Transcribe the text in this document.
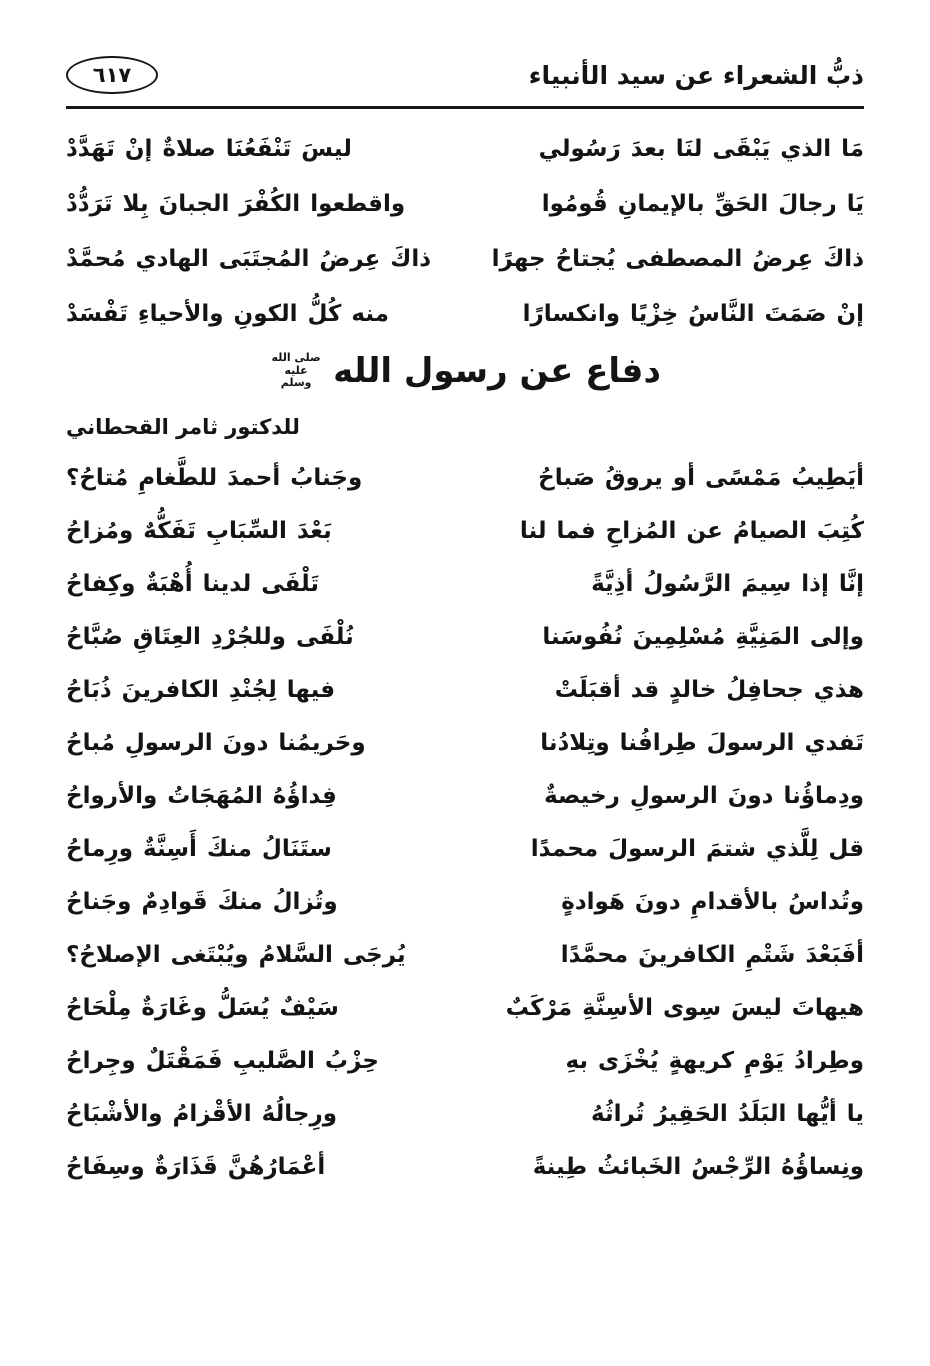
ذبُّ الشعراء عن سيد الأنبياء
٦١٧
مَا الذي يَبْقَى لنَا بعدَ رَسُولي
ليسَ تَنْفَعُنَا صلاةٌ إنْ تَهَدَّدْ
يَا رجالَ الحَقِّ بالإيمانِ قُومُوا
واقطعوا الكُفْرَ الجبانَ بِلا تَرَدُّدْ
ذاكَ عِرضُ المصطفى يُجتاحُ جهرًا
ذاكَ عِرضُ المُجتَبَى الهادي مُحمَّدْ
إنْ صَمَتَ النَّاسُ خِزْيًا وانكسارًا
منه كُلُّ الكونِ والأحياءِ تَفْسَدْ
دفاع عن رسول الله
صلى الله عليه وسلم
للدكتور ثامر القحطاني
أيَطِيبُ مَمْسًى أو يروقُ صَباحُ
وجَنابُ أحمدَ للطَّغامِ مُتاحُ؟
كُتِبَ الصيامُ عن المُزاحِ فما لنا
بَعْدَ السِّبَابِ تَفَكُّهٌ ومُزاحُ
إنَّا إذا سِيمَ الرَّسُولُ أذِيَّةً
تَلْفَى لدينا أُهْبَةٌ وكِفاحُ
وإلى المَنِيَّةِ مُسْلِمِينَ نُفُوسَنا
نُلْفَى وللجُرْدِ العِتَاقِ صُبَّاحُ
هذي جحافِلُ خالدٍ قد أقبَلَتْ
فيها لِجُنْدِ الكافرينَ ذُبَاحُ
تَفدي الرسولَ طِرافُنا وتِلادُنا
وحَريمُنا دونَ الرسولِ مُباحُ
ودِماؤُنا دونَ الرسولِ رخيصةٌ
فِداؤُهُ المُهَجَاتُ والأرواحُ
قل لِلَّذي شتمَ الرسولَ محمدًا
ستَنَالُ منكَ أَسِنَّةٌ ورِماحُ
وتُداسُ بالأقدامِ دونَ هَوادةٍ
وتُزالُ منكَ قَوادِمٌ وجَناحُ
أفَبَعْدَ شَتْمِ الكافرينَ محمَّدًا
يُرجَى السَّلامُ ويُبْتَغى الإصلاحُ؟
هيهاتَ ليسَ سِوى الأسِنَّةِ مَرْكَبٌ
سَيْفٌ يُسَلُّ وغَارَةٌ مِلْحَاحُ
وطِرادُ يَوْمِ كريهةٍ يُخْزَى بهِ
حِزْبُ الصَّليبِ فَمَقْتَلٌ وجِراحُ
يا أيُّها البَلَدُ الحَقِيرُ تُراثُهُ
ورِجالُهُ الأقْزامُ والأشْبَاحُ
ونِساؤُهُ الرِّجْسُ الخَبائثُ طِينةً
أعْمَارُهُنَّ قَذَارَةٌ وسِفَاحُ
